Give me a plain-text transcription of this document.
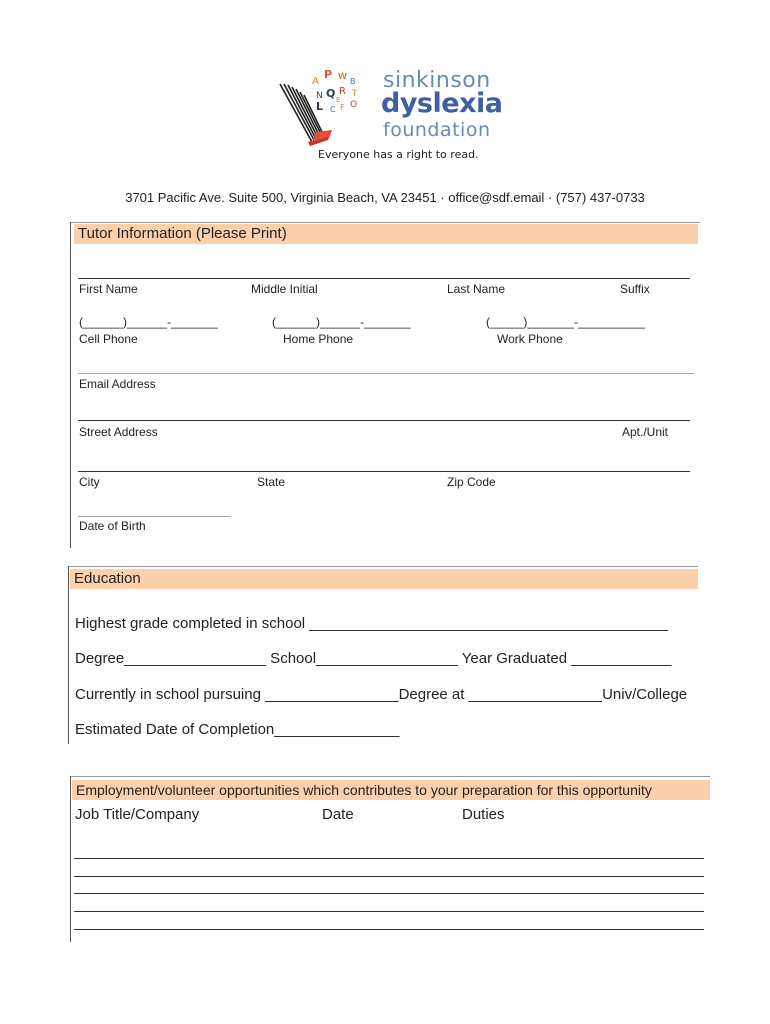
A
P W B
N Q R T
L C F O
E
sinkinson
dyslexia
foundation
Everyone has a right to read.
3701 Pacific Ave. Suite 500, Virginia Beach, VA 23451 · office@sdf.email · (757) 437-0733
Tutor Information (Please Print)
First Name	Middle Initial	Last Name	Suffix
(______)______-_______	(______)______-_______	(_____)_______-__________
Cell Phone	Home Phone	Work Phone
Email Address
Street Address	Apt./Unit
City	State	Zip Code
Date of Birth
Education
Highest grade completed in school ___________________________________________
Degree_________________ School_________________ Year Graduated ____________
Currently in school pursuing ________________Degree at ________________Univ/College
Estimated Date of Completion_______________
Employment/volunteer opportunities which contributes to your preparation for this opportunity
Job Title/Company	Date	Duties
